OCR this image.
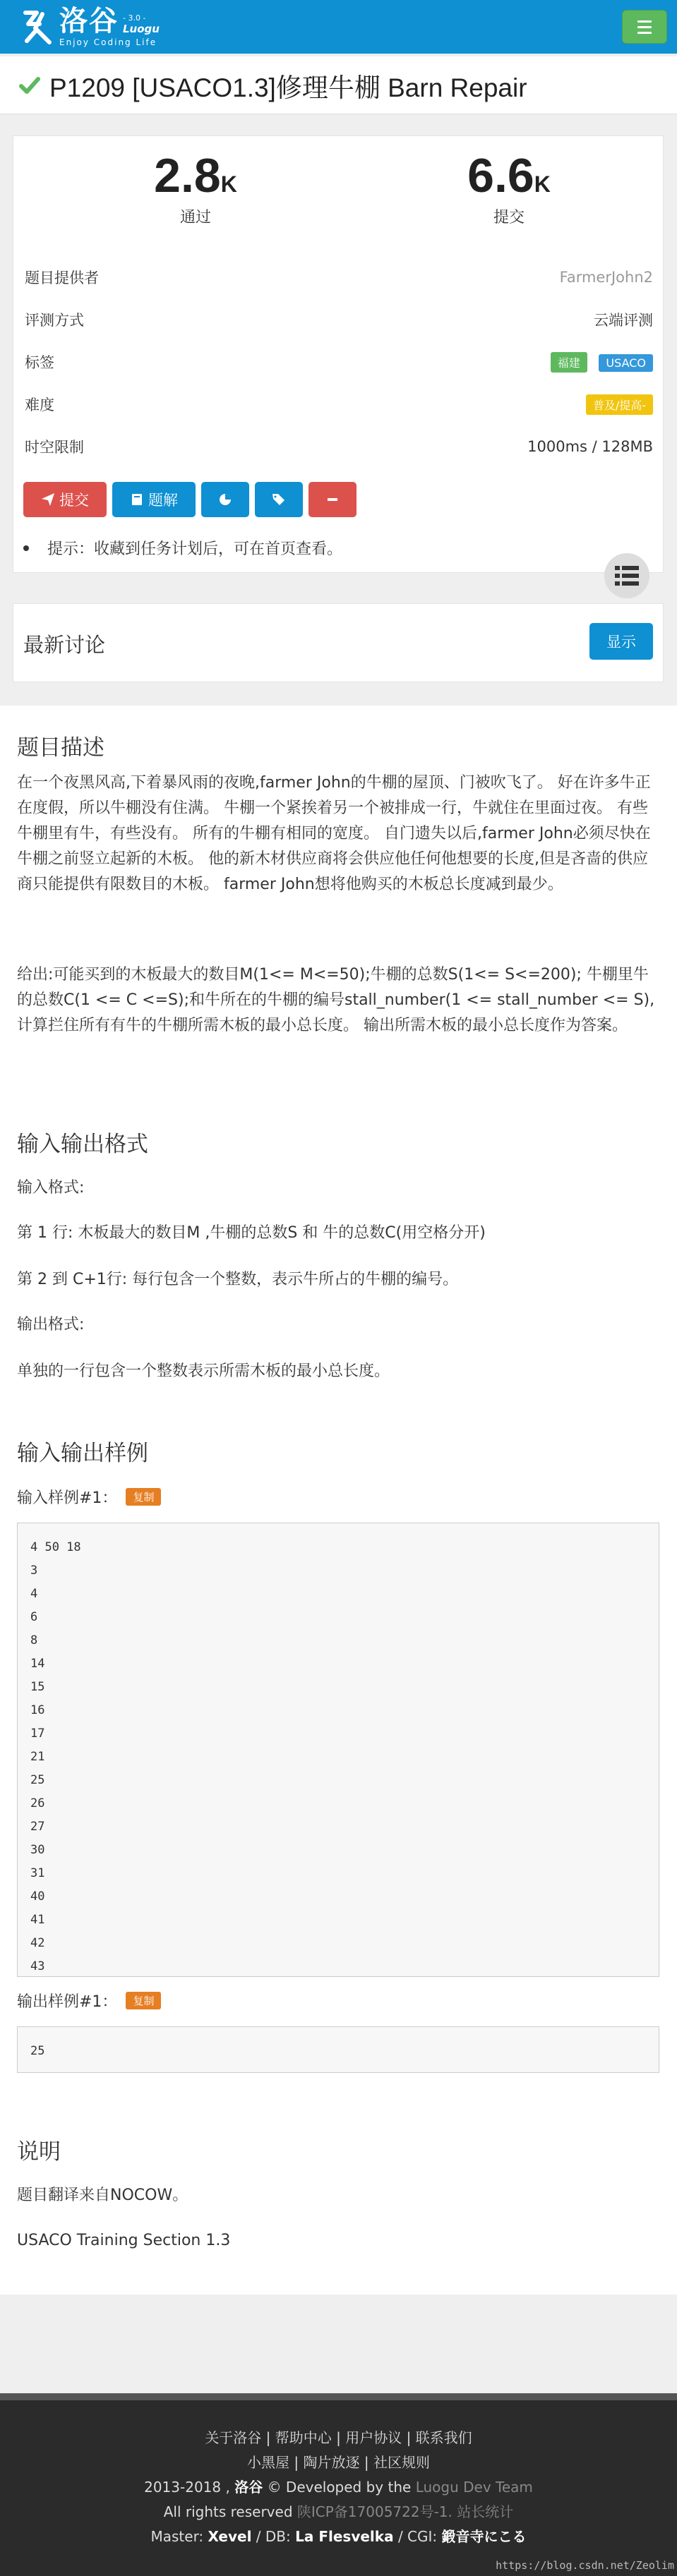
洛谷 - 3.0 -
Luogu
Enjoy Coding Life
P1209 [USACO1.3]修理牛棚 Barn Repair
2.8K
通过
6.6K
提交
题目提供者	FarmerJohn2
评测方式	云端评测
标签	福建 USACO
难度	普及/提高-
时空限制	1000ms / 128MB
提交	题解
提示：收藏到任务计划后，可在首页查看。
最新讨论	显示
题目描述
在一个夜黑风高,下着暴风雨的夜晚,farmer John的牛棚的屋顶、门被吹飞了。 好在许多牛正在度假，所以牛棚没有住满。 牛棚一个紧挨着另一个被排成一行，牛就住在里面过夜。 有些牛棚里有牛，有些没有。 所有的牛棚有相同的宽度。 自门遗失以后,farmer John必须尽快在牛棚之前竖立起新的木板。 他的新木材供应商将会供应他任何他想要的长度,但是吝啬的供应商只能提供有限数目的木板。 farmer John想将他购买的木板总长度减到最少。
给出:可能买到的木板最大的数目M(1<= M<=50);牛棚的总数S(1<= S<=200); 牛棚里牛的总数C(1 <= C <=S);和牛所在的牛棚的编号stall_number(1 <= stall_number <= S),计算拦住所有有牛的牛棚所需木板的最小总长度。 输出所需木板的最小总长度作为答案。
输入输出格式
输入格式:
第 1 行: 木板最大的数目M ,牛棚的总数S 和 牛的总数C(用空格分开)
第 2 到 C+1行: 每行包含一个整数，表示牛所占的牛棚的编号。
输出格式:
单独的一行包含一个整数表示所需木板的最小总长度。
输入输出样例
输入样例#1：	复制
4 50 18
3
4
6
8
14
15
16
17
21
25
26
27
30
31
40
41
42
43
输出样例#1：	复制
25
说明
题目翻译来自NOCOW。
USACO Training Section 1.3
关于洛谷 | 帮助中心 | 用户协议 | 联系我们
小黑屋 | 陶片放逐 | 社区规则
2013-2018 , 洛谷 © Developed by the Luogu Dev Team
All rights reserved 陕ICP备17005722号-1. 站长统计
Master: Xevel / DB: La Flesvelka / CGI: 鍛音寺にこる
https://blog.csdn.net/Zeolim
